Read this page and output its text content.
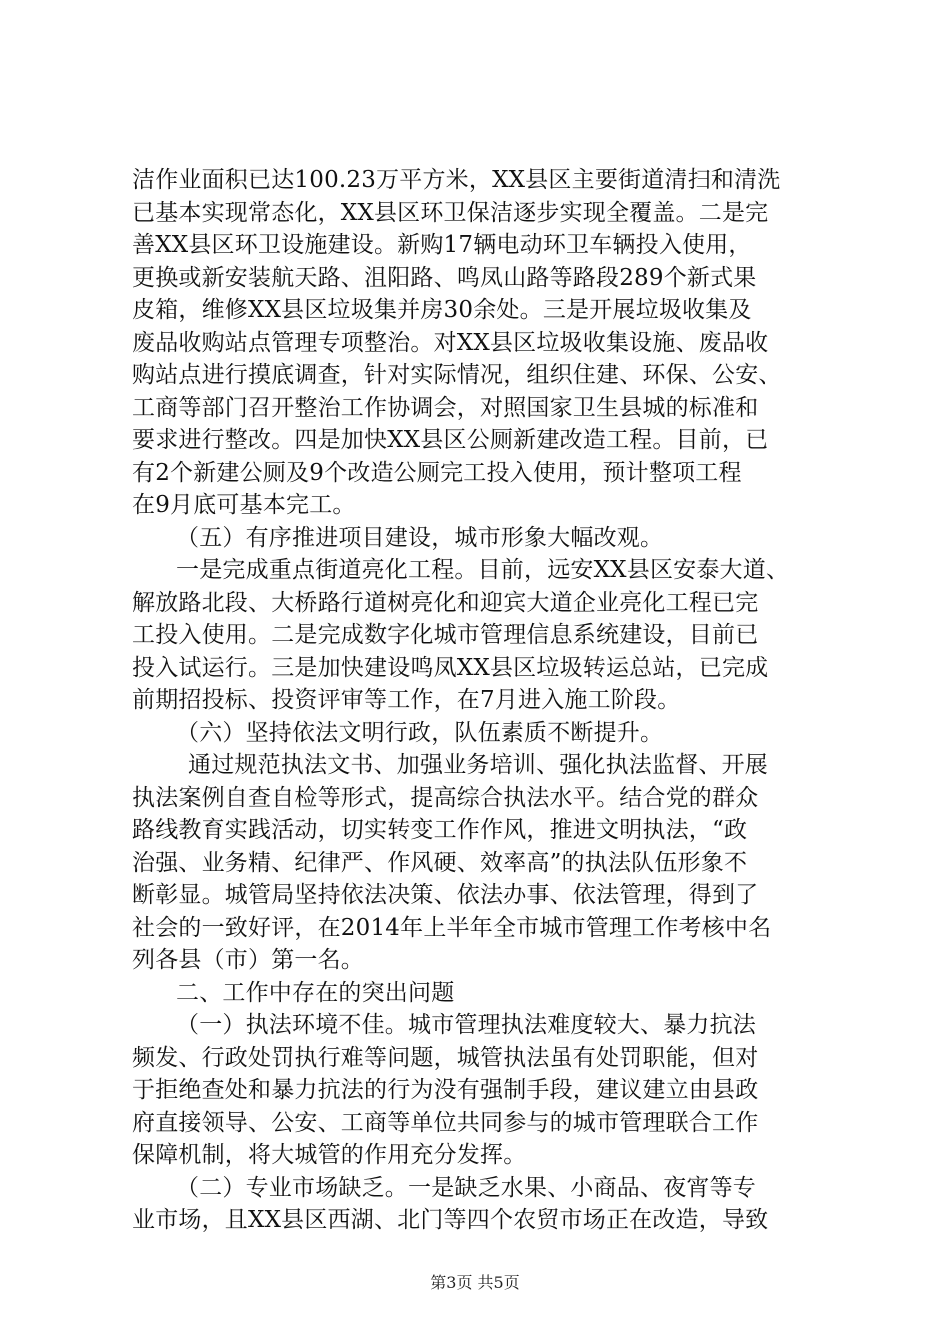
洁作业面积已达100.23万平方米，XX县区主要街道清扫和清洗
已基本实现常态化，XX县区环卫保洁逐步实现全覆盖。二是完
善XX县区环卫设施建设。新购17辆电动环卫车辆投入使用，
更换或新安装航天路、沮阳路、鸣凤山路等路段289个新式果
皮箱，维修XX县区垃圾集并房30余处。三是开展垃圾收集及
废品收购站点管理专项整治。对XX县区垃圾收集设施、废品收
购站点进行摸底调查，针对实际情况，组织住建、环保、公安、
工商等部门召开整治工作协调会，对照国家卫生县城的标准和
要求进行整改。四是加快XX县区公厕新建改造工程。目前，已
有2个新建公厕及9个改造公厕完工投入使用，预计整项工程
在9月底可基本完工。
（五）有序推进项目建设，城市形象大幅改观。
一是完成重点街道亮化工程。目前，远安XX县区安泰大道、
解放路北段、大桥路行道树亮化和迎宾大道企业亮化工程已完
工投入使用。二是完成数字化城市管理信息系统建设，目前已
投入试运行。三是加快建设鸣凤XX县区垃圾转运总站，已完成
前期招投标、投资评审等工作，在7月进入施工阶段。
（六）坚持依法文明行政，队伍素质不断提升。
通过规范执法文书、加强业务培训、强化执法监督、开展
执法案例自查自检等形式，提高综合执法水平。结合党的群众
路线教育实践活动，切实转变工作作风，推进文明执法，“政
治强、业务精、纪律严、作风硬、效率高”的执法队伍形象不
断彰显。城管局坚持依法决策、依法办事、依法管理，得到了
社会的一致好评，在2014年上半年全市城市管理工作考核中名
列各县（市）第一名。
二、工作中存在的突出问题
（一）执法环境不佳。城市管理执法难度较大、暴力抗法
频发、行政处罚执行难等问题，城管执法虽有处罚职能，但对
于拒绝查处和暴力抗法的行为没有强制手段，建议建立由县政
府直接领导、公安、工商等单位共同参与的城市管理联合工作
保障机制，将大城管的作用充分发挥。
（二）专业市场缺乏。一是缺乏水果、小商品、夜宵等专
业市场，且XX县区西湖、北门等四个农贸市场正在改造，导致
第3页 共5页
